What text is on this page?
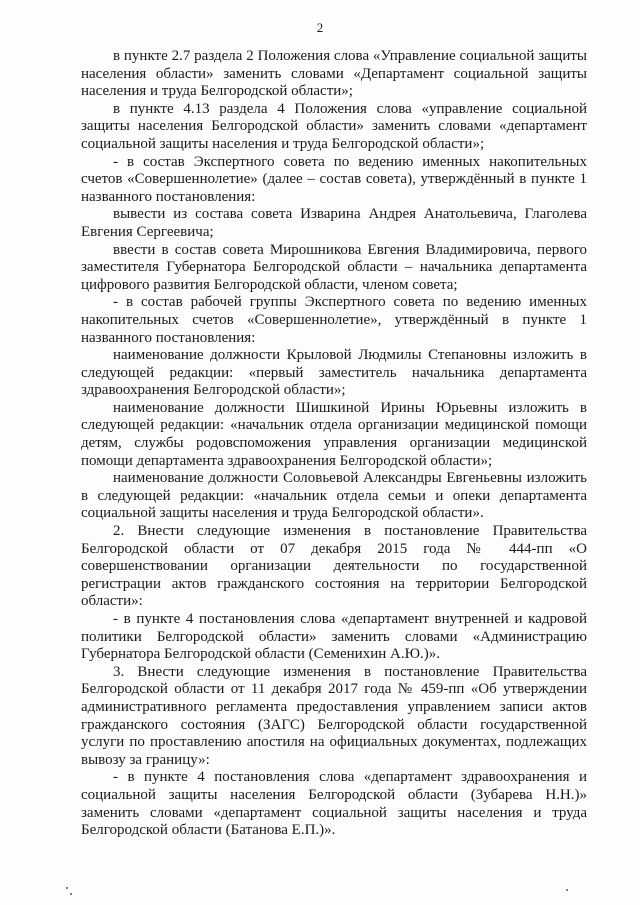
2

в пункте 2.7 раздела 2 Положения слова «Управление социальной защиты населения области» заменить словами «Департамент социальной защиты населения и труда Белгородской области»;

в пункте 4.13 раздела 4 Положения слова «управление социальной защиты населения Белгородской области» заменить словами «департамент социальной защиты населения и труда Белгородской области»;

- в состав Экспертного совета по ведению именных накопительных счетов «Совершеннолетие» (далее – состав совета), утверждённый в пункте 1 названного постановления:

вывести из состава совета Изварина Андрея Анатольевича, Глаголева Евгения Сергеевича;

ввести в состав совета Мирошникова Евгения Владимировича, первого заместителя Губернатора Белгородской области – начальника департамента цифрового развития Белгородской области, членом совета;

- в состав рабочей группы Экспертного совета по ведению именных накопительных счетов «Совершеннолетие», утверждённый в пункте 1 названного постановления:

наименование должности Крыловой Людмилы Степановны изложить в следующей редакции: «первый заместитель начальника департамента здравоохранения Белгородской области»;

наименование должности Шишкиной Ирины Юрьевны изложить в следующей редакции: «начальник отдела организации медицинской помощи детям, службы родовспоможения управления организации медицинской помощи департамента здравоохранения Белгородской области»;

наименование должности Соловьевой Александры Евгеньевны изложить в следующей редакции: «начальник отдела семьи и опеки департамента социальной защиты населения и труда Белгородской области».

2. Внести следующие изменения в постановление Правительства Белгородской области от 07 декабря 2015 года № 444-пп «О совершенствовании организации деятельности по государственной регистрации актов гражданского состояния на территории Белгородской области»:

- в пункте 4 постановления слова «департамент внутренней и кадровой политики Белгородской области» заменить словами «Администрацию Губернатора Белгородской области (Семенихин А.Ю.)».

3. Внести следующие изменения в постановление Правительства Белгородской области от 11 декабря 2017 года № 459-пп «Об утверждении административного регламента предоставления управлением записи актов гражданского состояния (ЗАГС) Белгородской области государственной услуги по проставлению апостиля на официальных документах, подлежащих вывозу за границу»:

- в пункте 4 постановления слова «департамент здравоохранения и социальной защиты населения Белгородской области (Зубарева Н.Н.)» заменить словами «департамент социальной защиты населения и труда Белгородской области (Батанова Е.П.)».
